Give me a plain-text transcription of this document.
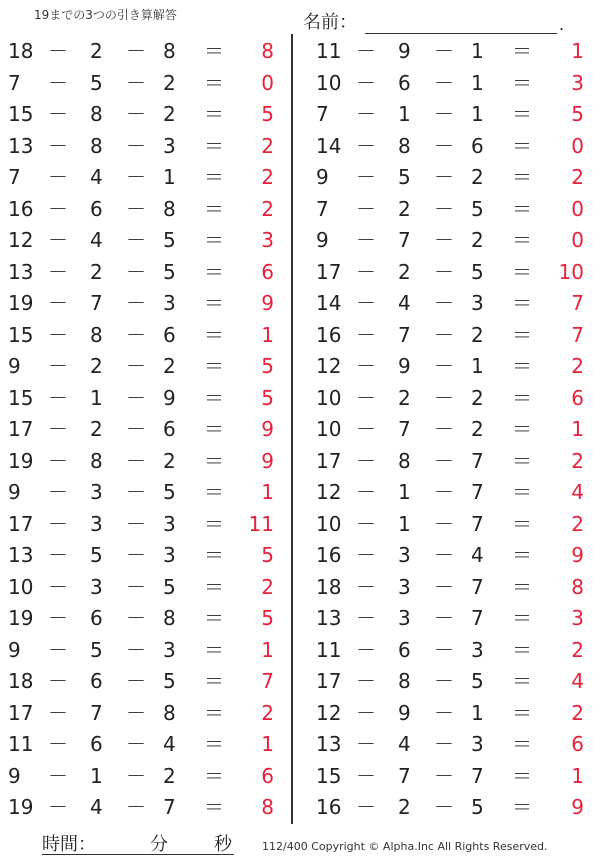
19までの3つの引き算解答	名前：	.
18 － 2 － 8 ＝ 8
7 － 5 － 2 ＝ 0
15 － 8 － 2 ＝ 5
13 － 8 － 3 ＝ 2
7 － 4 － 1 ＝ 2
16 － 6 － 8 ＝ 2
12 － 4 － 5 ＝ 3
13 － 2 － 5 ＝ 6
19 － 7 － 3 ＝ 9
15 － 8 － 6 ＝ 1
9 － 2 － 2 ＝ 5
15 － 1 － 9 ＝ 5
17 － 2 － 6 ＝ 9
19 － 8 － 2 ＝ 9
9 － 3 － 5 ＝ 1
17 － 3 － 3 ＝ 11
13 － 5 － 3 ＝ 5
10 － 3 － 5 ＝ 2
19 － 6 － 8 ＝ 5
9 － 5 － 3 ＝ 1
18 － 6 － 5 ＝ 7
17 － 7 － 8 ＝ 2
11 － 6 － 4 ＝ 1
9 － 1 － 2 ＝ 6
19 － 4 － 7 ＝ 8
11 － 9 － 1 ＝ 1
10 － 6 － 1 ＝ 3
7 － 1 － 1 ＝ 5
14 － 8 － 6 ＝ 0
9 － 5 － 2 ＝ 2
7 － 2 － 5 ＝ 0
9 － 7 － 2 ＝ 0
17 － 2 － 5 ＝ 10
14 － 4 － 3 ＝ 7
16 － 7 － 2 ＝ 7
12 － 9 － 1 ＝ 2
10 － 2 － 2 ＝ 6
10 － 7 － 2 ＝ 1
17 － 8 － 7 ＝ 2
12 － 1 － 7 ＝ 4
10 － 1 － 7 ＝ 2
16 － 3 － 4 ＝ 9
18 － 3 － 7 ＝ 8
13 － 3 － 7 ＝ 3
11 － 6 － 3 ＝ 2
17 － 8 － 5 ＝ 4
12 － 9 － 1 ＝ 2
13 － 4 － 3 ＝ 6
15 － 7 － 7 ＝ 1
16 － 2 － 5 ＝ 9
時間：	分	秒	112/400 Copyright © Alpha.Inc All Rights Reserved.
